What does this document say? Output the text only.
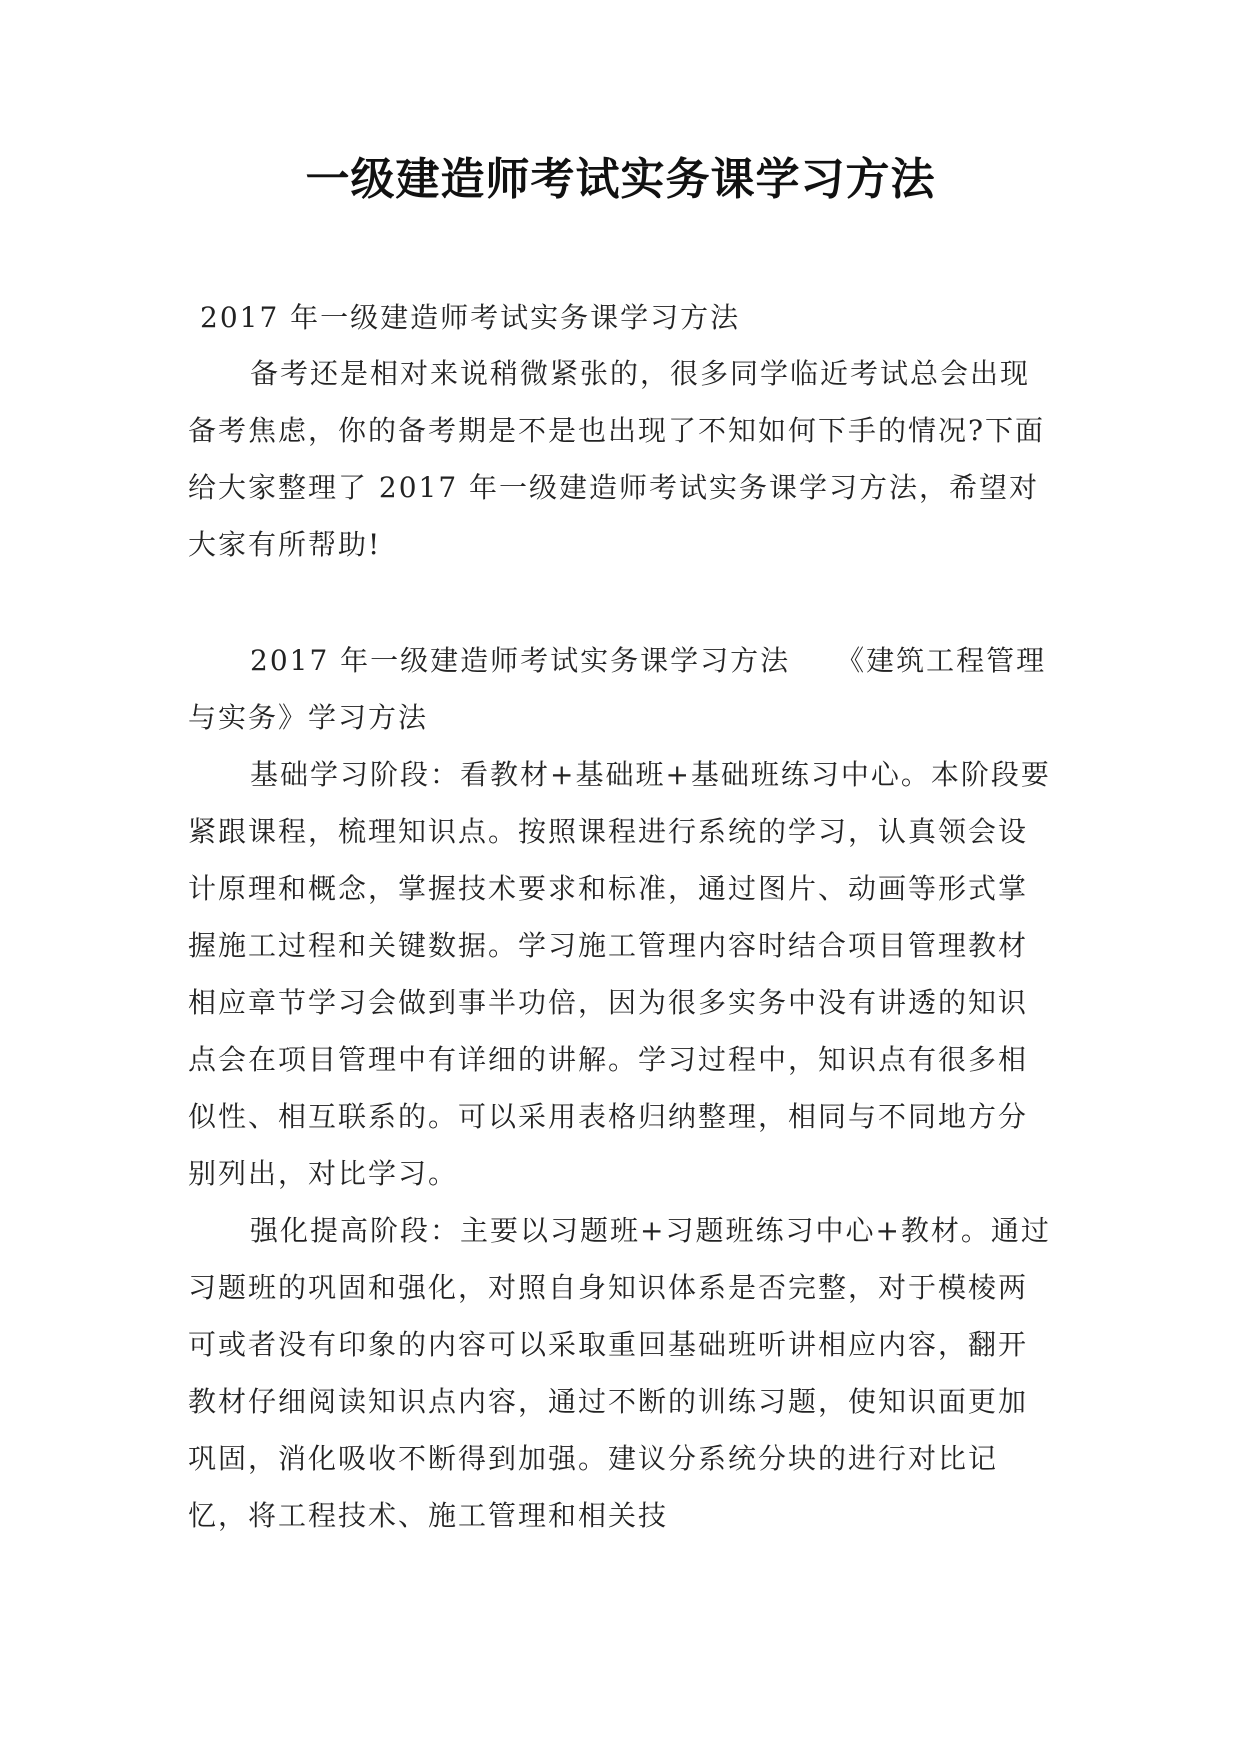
一级建造师考试实务课学习方法

2017 年一级建造师考试实务课学习方法

备考还是相对来说稍微紧张的，很多同学临近考试总会出现备考焦虑，你的备考期是不是也出现了不知如何下手的情况?下面给大家整理了 2017 年一级建造师考试实务课学习方法，希望对大家有所帮助!

2017 年一级建造师考试实务课学习方法　　《建筑工程管理与实务》学习方法

基础学习阶段：看教材+基础班+基础班练习中心。本阶段要紧跟课程，梳理知识点。按照课程进行系统的学习，认真领会设计原理和概念，掌握技术要求和标准，通过图片、动画等形式掌握施工过程和关键数据。学习施工管理内容时结合项目管理教材相应章节学习会做到事半功倍，因为很多实务中没有讲透的知识点会在项目管理中有详细的讲解。学习过程中，知识点有很多相似性、相互联系的。可以采用表格归纳整理，相同与不同地方分别列出，对比学习。

强化提高阶段：主要以习题班+习题班练习中心+教材。通过习题班的巩固和强化，对照自身知识体系是否完整，对于模棱两可或者没有印象的内容可以采取重回基础班听讲相应内容，翻开教材仔细阅读知识点内容，通过不断的训练习题，使知识面更加巩固，消化吸收不断得到加强。建议分系统分块的进行对比记忆，将工程技术、施工管理和相关技
